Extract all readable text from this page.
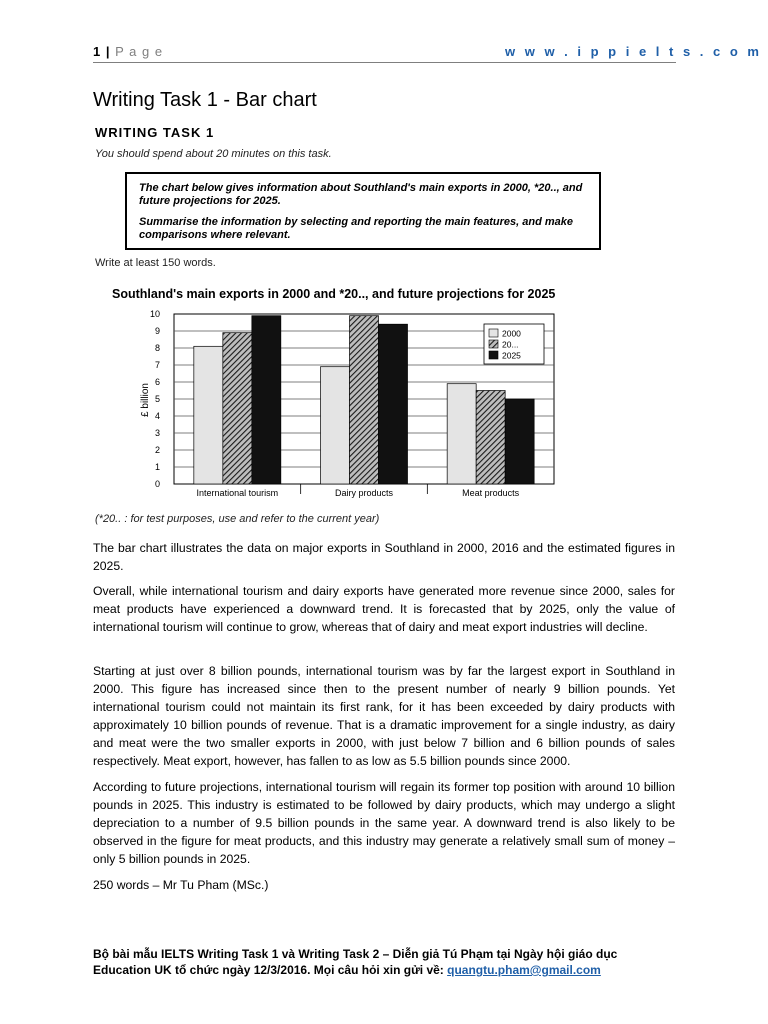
1 | P a g e	w w w . i p p i e l t s . c o m
Writing Task 1 - Bar chart
WRITING TASK 1
You should spend about 20 minutes on this task.

The chart below gives information about Southland's main exports in 2000, *20.., and future projections for 2025.

Summarise the information by selecting and reporting the main features, and make comparisons where relevant.

Write at least 150 words.
Southland's main exports in 2000 and *20.., and future projections for 2025
0
1
2
3
4
5
6
7
8
9
10
International tourism	Dairy products	Meat products
2000
20...
2025
£ billion
(*20.. : for test purposes, use and refer to the current year)

The bar chart illustrates the data on major exports in Southland in 2000, 2016 and the estimated figures in 2025.

Overall, while international tourism and dairy exports have generated more revenue since 2000, sales for meat products have experienced a downward trend. It is forecasted that by 2025, only the value of international tourism will continue to grow, whereas that of dairy and meat export industries will decline.

Starting at just over 8 billion pounds, international tourism was by far the largest export in Southland in 2000. This figure has increased since then to the present number of nearly 9 billion pounds. Yet international tourism could not maintain its first rank, for it has been exceeded by dairy products with approximately 10 billion pounds of revenue. That is a dramatic improvement for a single industry, as dairy and meat were the two smaller exports in 2000, with just below 7 billion and 6 billion pounds of sales respectively. Meat export, however, has fallen to as low as 5.5 billion pounds since 2000.

According to future projections, international tourism will regain its former top position with around 10 billion pounds in 2025. This industry is estimated to be followed by dairy products, which may undergo a slight depreciation to a number of 9.5 billion pounds in the same year. A downward trend is also likely to be observed in the figure for meat products, and this industry may generate a relatively small sum of money –only 5 billion pounds in 2025.

250 words – Mr Tu Pham (MSc.)

Bộ bài mẫu IELTS Writing Task 1 và Writing Task 2 – Diễn giả Tú Phạm tại Ngày hội giáo dục
Education UK tổ chức ngày 12/3/2016. Mọi câu hỏi xin gửi về: quangtu.pham@gmail.com
